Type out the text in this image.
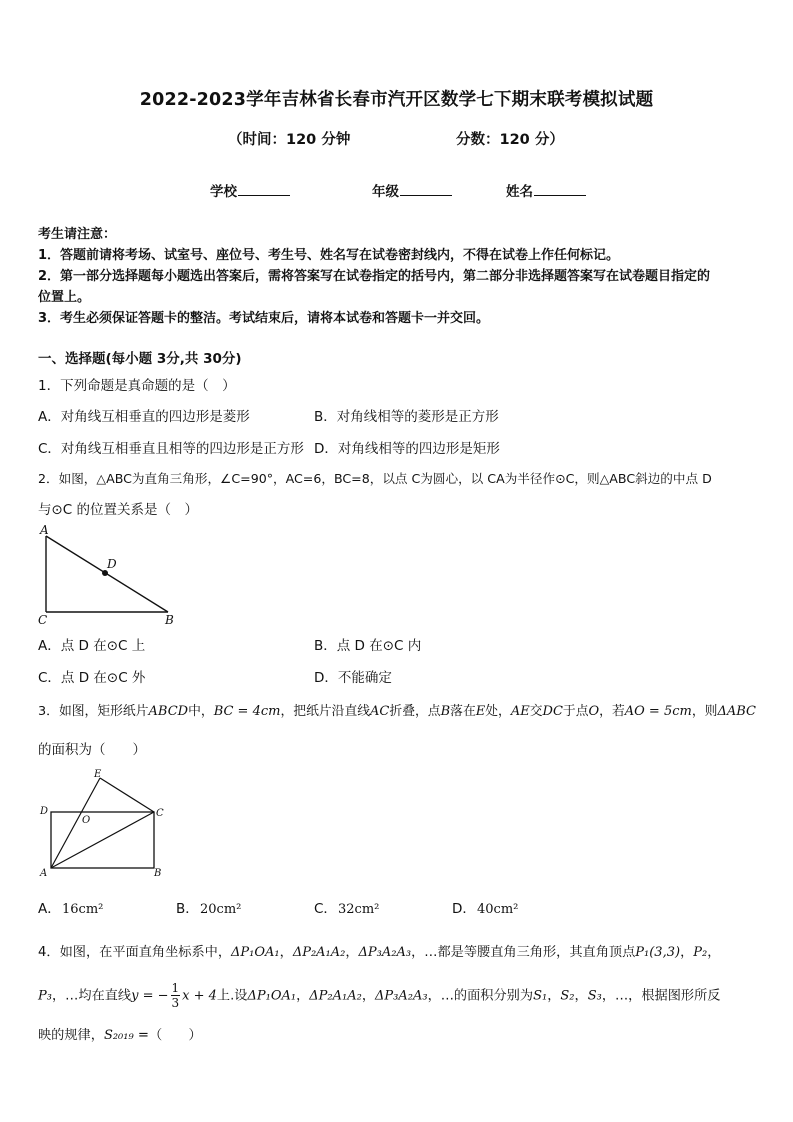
2022-2023学年吉林省长春市汽开区数学七下期末联考模拟试题
（时间：120 分钟	分数：120 分）
学校	年级	姓名
考生请注意：
1．答题前请将考场、试室号、座位号、考生号、姓名写在试卷密封线内，不得在试卷上作任何标记。
2．第一部分选择题每小题选出答案后，需将答案写在试卷指定的括号内，第二部分非选择题答案写在试卷题目指定的
位置上。
3．考生必须保证答题卡的整洁。考试结束后，请将本试卷和答题卡一并交回。
一、选择题(每小题 3分,共 30分)
1．下列命题是真命题的是（　）
A．对角线互相垂直的四边形是菱形	B．对角线相等的菱形是正方形
C．对角线互相垂直且相等的四边形是正方形 D．对角线相等的四边形是矩形
2．如图，△ABC为直角三角形，∠C=90°，AC=6，BC=8，以点 C为圆心，以 CA为半径作⊙C，则△ABC斜边的中点 D
与⊙C 的位置关系是（　）
A
D
C	B
A．点 D 在⊙C 上	B．点 D 在⊙C 内
C．点 D 在⊙C 外	D．不能确定
3．如图，矩形纸片ABCD中，BC = 4cm，把纸片沿直线AC折叠，点B落在E处，AE交DC于点O，若AO = 5cm，则ΔABC
的面积为（　　）
E
D
O
C
A	B
A． 16cm²	B． 20cm²	C． 32cm²	D． 40cm²
4．如图，在平面直角坐标系中，ΔP₁OA₁，ΔP₂A₁A₂，ΔP₃A₂A₃，…都是等腰直角三角形，其直角顶点P₁(3,3)，P₂，
P₃，…均在直线y = − $\frac{1}{3}$ x + 4上.设ΔP₁OA₁，ΔP₂A₁A₂，ΔP₃A₂A₃，…的面积分别为S₁，S₂，S₃，…，根据图形所反
映的规律，S₂₀₁₉ =（　　）
